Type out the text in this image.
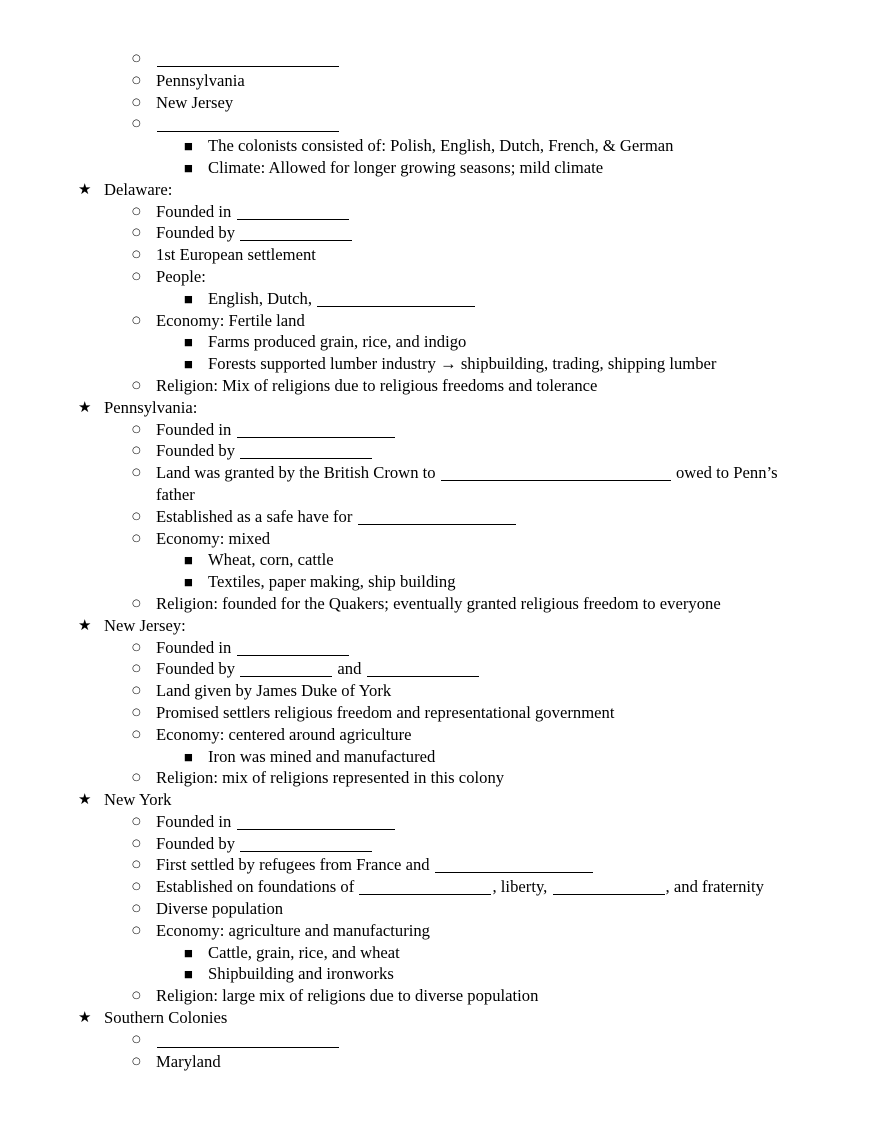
○
○ Pennsylvania
○ New Jersey
○
■ The colonists consisted of: Polish, English, Dutch, French, & German
■ Climate: Allowed for longer growing seasons; mild climate
★ Delaware:
○ Founded in
○ Founded by
○ 1st European settlement
○ People:
■ English, Dutch,
○ Economy: Fertile land
■ Farms produced grain, rice, and indigo
■ Forests supported lumber industry → shipbuilding, trading, shipping lumber
○ Religion: Mix of religions due to religious freedoms and tolerance
★ Pennsylvania:
○ Founded in
○ Founded by
○ Land was granted by the British Crown to	owed to Penn’s father
○ Established as a safe have for
○ Economy: mixed
■ Wheat, corn, cattle
■ Textiles, paper making, ship building
○ Religion: founded for the Quakers; eventually granted religious freedom to everyone
★ New Jersey:
○ Founded in
○ Founded by	and
○ Land given by James Duke of York
○ Promised settlers religious freedom and representational government
○ Economy: centered around agriculture
■ Iron was mined and manufactured
○ Religion: mix of religions represented in this colony
★ New York
○ Founded in
○ Founded by
○ First settled by refugees from France and
○ Established on foundations of	, liberty,	, and fraternity
○ Diverse population
○ Economy: agriculture and manufacturing
■ Cattle, grain, rice, and wheat
■ Shipbuilding and ironworks
○ Religion: large mix of religions due to diverse population
★ Southern Colonies
○
○ Maryland
